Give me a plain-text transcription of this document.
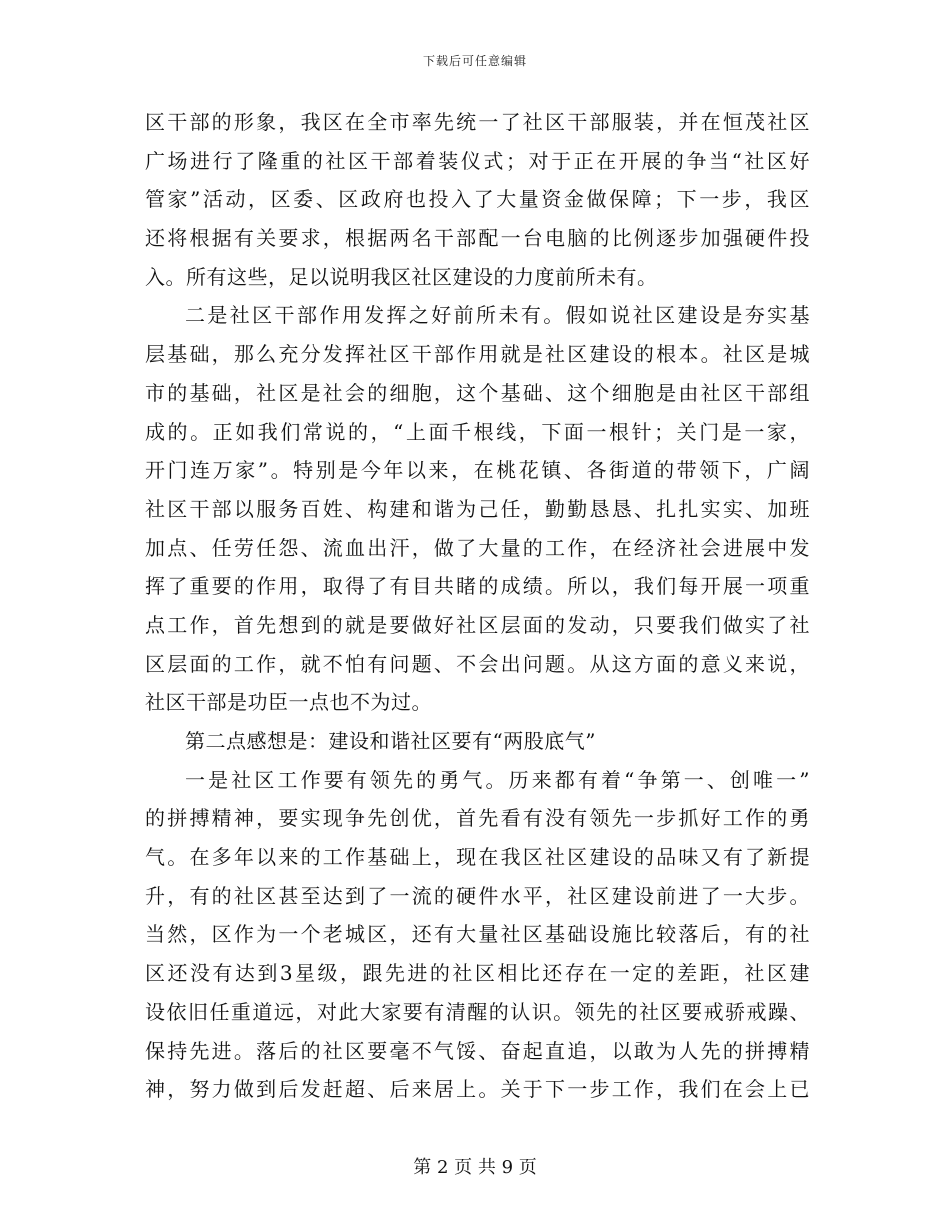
下载后可任意编辑
区干部的形象，我区在全市率先统一了社区干部服装，并在恒茂社区
广场进行了隆重的社区干部着装仪式；对于正在开展的争当“社区好
管家”活动，区委、区政府也投入了大量资金做保障；下一步，我区
还将根据有关要求，根据两名干部配一台电脑的比例逐步加强硬件投
入。所有这些，足以说明我区社区建设的力度前所未有。
二是社区干部作用发挥之好前所未有。假如说社区建设是夯实基
层基础，那么充分发挥社区干部作用就是社区建设的根本。社区是城
市的基础，社区是社会的细胞，这个基础、这个细胞是由社区干部组
成的。正如我们常说的，“上面千根线，下面一根针；关门是一家，
开门连万家”。特别是今年以来，在桃花镇、各街道的带领下，广阔
社区干部以服务百姓、构建和谐为己任，勤勤恳恳、扎扎实实、加班
加点、任劳任怨、流血出汗，做了大量的工作，在经济社会进展中发
挥了重要的作用，取得了有目共睹的成绩。所以，我们每开展一项重
点工作，首先想到的就是要做好社区层面的发动，只要我们做实了社
区层面的工作，就不怕有问题、不会出问题。从这方面的意义来说，
社区干部是功臣一点也不为过。
第二点感想是：建设和谐社区要有“两股底气”
一是社区工作要有领先的勇气。历来都有着“争第一、创唯一”
的拼搏精神，要实现争先创优，首先看有没有领先一步抓好工作的勇
气。在多年以来的工作基础上，现在我区社区建设的品味又有了新提
升，有的社区甚至达到了一流的硬件水平，社区建设前进了一大步。
当然，区作为一个老城区，还有大量社区基础设施比较落后，有的社
区还没有达到3星级，跟先进的社区相比还存在一定的差距，社区建
设依旧任重道远，对此大家要有清醒的认识。领先的社区要戒骄戒躁、
保持先进。落后的社区要毫不气馁、奋起直追，以敢为人先的拼搏精
神，努力做到后发赶超、后来居上。关于下一步工作，我们在会上已
第 2 页 共 9 页
